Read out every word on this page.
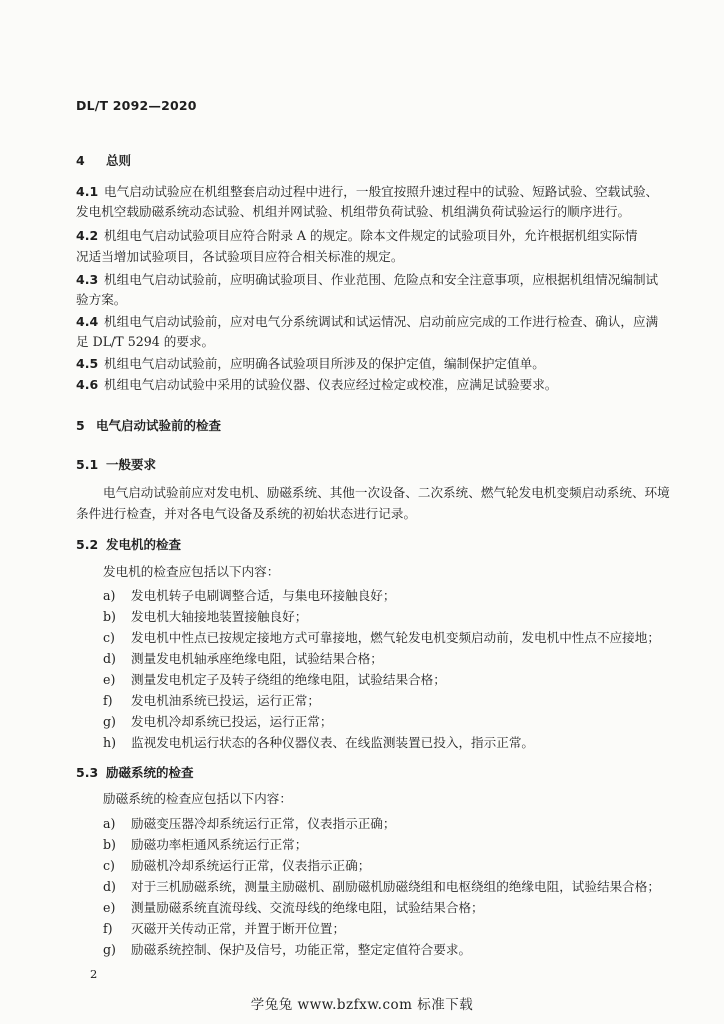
DL/T 2092—2020
4 总则
4.1 电气启动试验应在机组整套启动过程中进行，一般宜按照升速过程中的试验、短路试验、空载试验、
发电机空载励磁系统动态试验、机组并网试验、机组带负荷试验、机组满负荷试验运行的顺序进行。
4.2 机组电气启动试验项目应符合附录 A 的规定。除本文件规定的试验项目外，允许根据机组实际情
况适当增加试验项目，各试验项目应符合相关标准的规定。
4.3 机组电气启动试验前，应明确试验项目、作业范围、危险点和安全注意事项，应根据机组情况编制试
验方案。
4.4 机组电气启动试验前，应对电气分系统调试和试运情况、启动前应完成的工作进行检查、确认，应满
足 DL/T 5294 的要求。
4.5 机组电气启动试验前，应明确各试验项目所涉及的保护定值，编制保护定值单。
4.6 机组电气启动试验中采用的试验仪器、仪表应经过检定或校准，应满足试验要求。
5 电气启动试验前的检查
5.1 一般要求
电气启动试验前应对发电机、励磁系统、其他一次设备、二次系统、燃气轮发电机变频启动系统、环境
条件进行检查，并对各电气设备及系统的初始状态进行记录。
5.2 发电机的检查
发电机的检查应包括以下内容：
a) 发电机转子电刷调整合适，与集电环接触良好；
b) 发电机大轴接地装置接触良好；
c) 发电机中性点已按规定接地方式可靠接地，燃气轮发电机变频启动前，发电机中性点不应接地；
d) 测量发电机轴承座绝缘电阻，试验结果合格；
e) 测量发电机定子及转子绕组的绝缘电阻，试验结果合格；
f) 发电机油系统已投运，运行正常；
g) 发电机冷却系统已投运，运行正常；
h) 监视发电机运行状态的各种仪器仪表、在线监测装置已投入，指示正常。
5.3 励磁系统的检查
励磁系统的检查应包括以下内容：
a) 励磁变压器冷却系统运行正常，仪表指示正确；
b) 励磁功率柜通风系统运行正常；
c) 励磁机冷却系统运行正常，仪表指示正确；
d) 对于三机励磁系统，测量主励磁机、副励磁机励磁绕组和电枢绕组的绝缘电阻，试验结果合格；
e) 测量励磁系统直流母线、交流母线的绝缘电阻，试验结果合格；
f) 灭磁开关传动正常，并置于断开位置；
g) 励磁系统控制、保护及信号，功能正常，整定定值符合要求。
2
学兔兔 www.bzfxw.com 标准下载
